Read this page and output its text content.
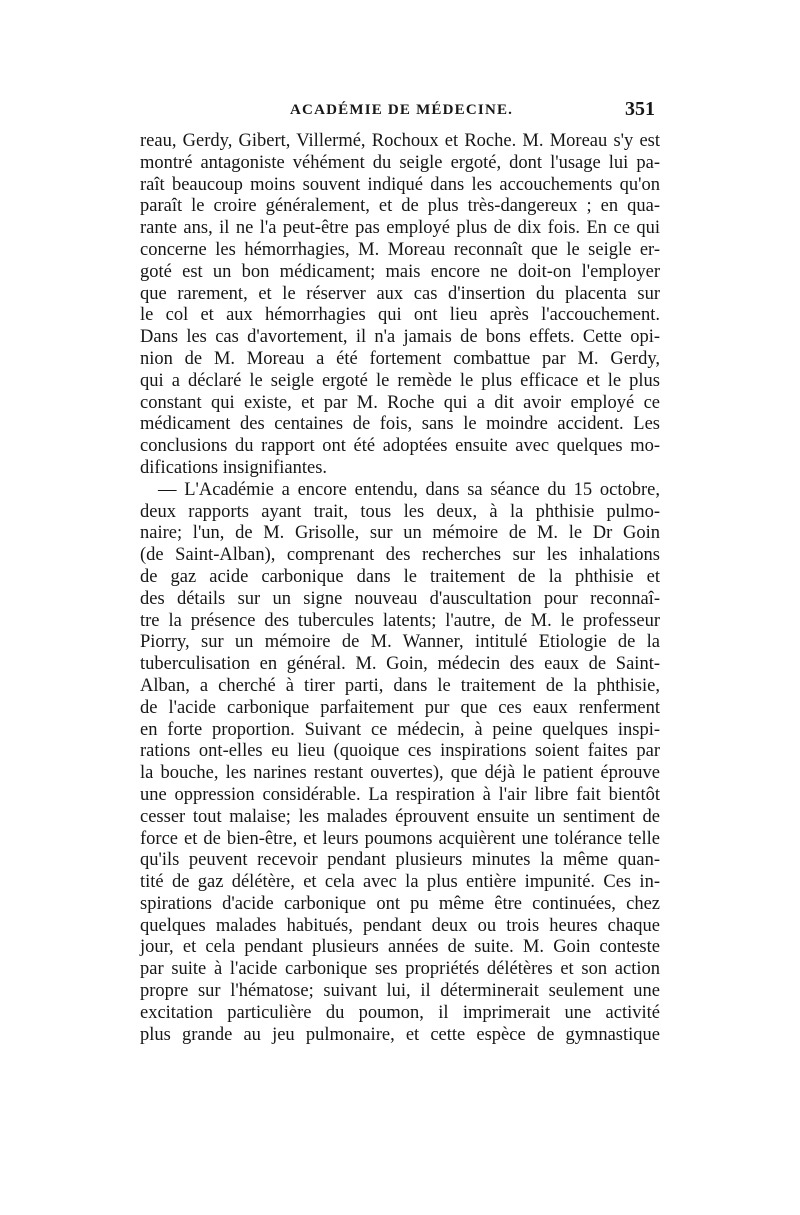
ACADÉMIE DE MÉDECINE.	351
reau, Gerdy, Gibert, Villermé, Rochoux et Roche. M. Moreau s'y est
montré antagoniste véhément du seigle ergoté, dont l'usage lui pa-
raît beaucoup moins souvent indiqué dans les accouchements qu'on
paraît le croire généralement, et de plus très-dangereux ; en qua-
rante ans, il ne l'a peut-être pas employé plus de dix fois. En ce qui
concerne les hémorrhagies, M. Moreau reconnaît que le seigle er-
goté est un bon médicament; mais encore ne doit-on l'employer
que rarement, et le réserver aux cas d'insertion du placenta sur
le col et aux hémorrhagies qui ont lieu après l'accouchement.
Dans les cas d'avortement, il n'a jamais de bons effets. Cette opi-
nion de M. Moreau a été fortement combattue par M. Gerdy,
qui a déclaré le seigle ergoté le remède le plus efficace et le plus
constant qui existe, et par M. Roche qui a dit avoir employé ce
médicament des centaines de fois, sans le moindre accident. Les
conclusions du rapport ont été adoptées ensuite avec quelques mo-
difications insignifiantes.
— L'Académie a encore entendu, dans sa séance du 15 octobre,
deux rapports ayant trait, tous les deux, à la phthisie pulmo-
naire; l'un, de M. Grisolle, sur un mémoire de M. le Dr Goin
(de Saint-Alban), comprenant des recherches sur les inhalations
de gaz acide carbonique dans le traitement de la phthisie et
des détails sur un signe nouveau d'auscultation pour reconnaî-
tre la présence des tubercules latents; l'autre, de M. le professeur
Piorry, sur un mémoire de M. Wanner, intitulé Etiologie de la
tuberculisation en général. M. Goin, médecin des eaux de Saint-
Alban, a cherché à tirer parti, dans le traitement de la phthisie,
de l'acide carbonique parfaitement pur que ces eaux renferment
en forte proportion. Suivant ce médecin, à peine quelques inspi-
rations ont-elles eu lieu (quoique ces inspirations soient faites par
la bouche, les narines restant ouvertes), que déjà le patient éprouve
une oppression considérable. La respiration à l'air libre fait bientôt
cesser tout malaise; les malades éprouvent ensuite un sentiment de
force et de bien-être, et leurs poumons acquièrent une tolérance telle
qu'ils peuvent recevoir pendant plusieurs minutes la même quan-
tité de gaz délétère, et cela avec la plus entière impunité. Ces in-
spirations d'acide carbonique ont pu même être continuées, chez
quelques malades habitués, pendant deux ou trois heures chaque
jour, et cela pendant plusieurs années de suite. M. Goin conteste
par suite à l'acide carbonique ses propriétés délétères et son action
propre sur l'hématose; suivant lui, il déterminerait seulement une
excitation particulière du poumon, il imprimerait une activité
plus grande au jeu pulmonaire, et cette espèce de gymnastique
